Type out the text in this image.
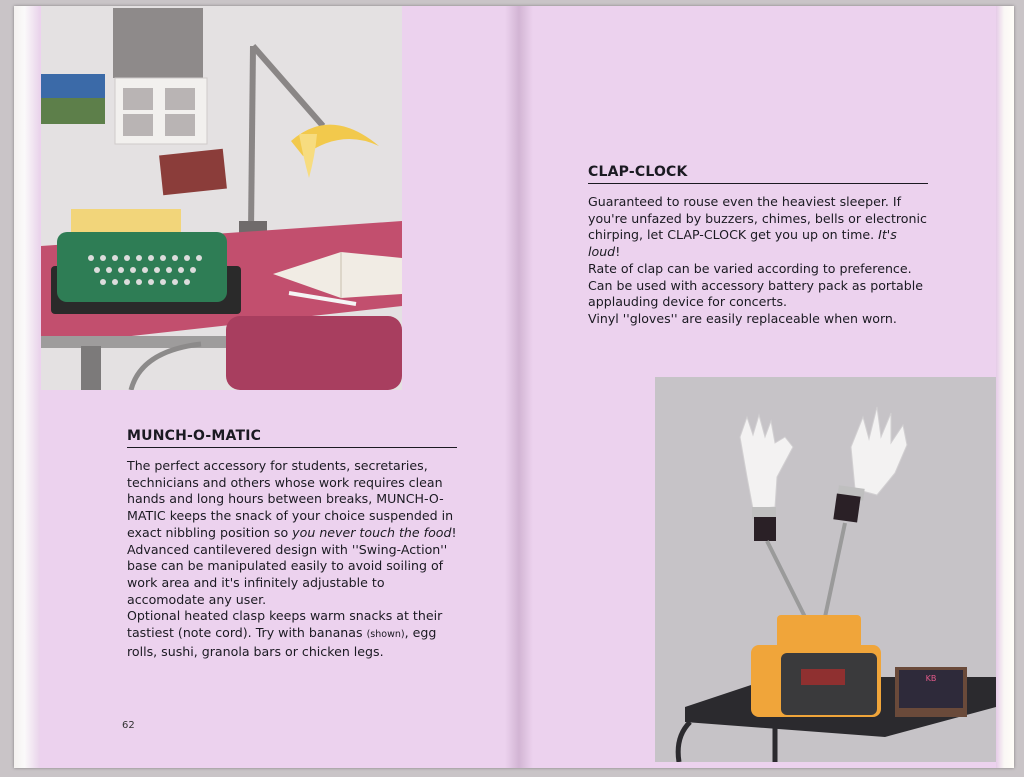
KB
MUNCH-O-MATIC

The perfect accessory for students, secretaries, technicians and others whose work requires clean hands and long hours between breaks, MUNCH-O-MATIC keeps the snack of your choice suspended in exact nibbling position so you never touch the food! Advanced cantilevered design with ''Swing-Action'' base can be manipulated easily to avoid soiling of work area and it's infinitely adjustable to accomodate any user.

Optional heated clasp keeps warm snacks at their tastiest (note cord). Try with bananas (shown), egg rolls, sushi, granola bars or chicken legs.

62
CLAP-CLOCK

Guaranteed to rouse even the heaviest sleeper. If you're unfazed by buzzers, chimes, bells or electronic chirping, let CLAP-CLOCK get you up on time. It's loud!

Rate of clap can be varied according to preference.

Can be used with accessory battery pack as portable applauding device for concerts.

Vinyl ''gloves'' are easily replaceable when worn.
